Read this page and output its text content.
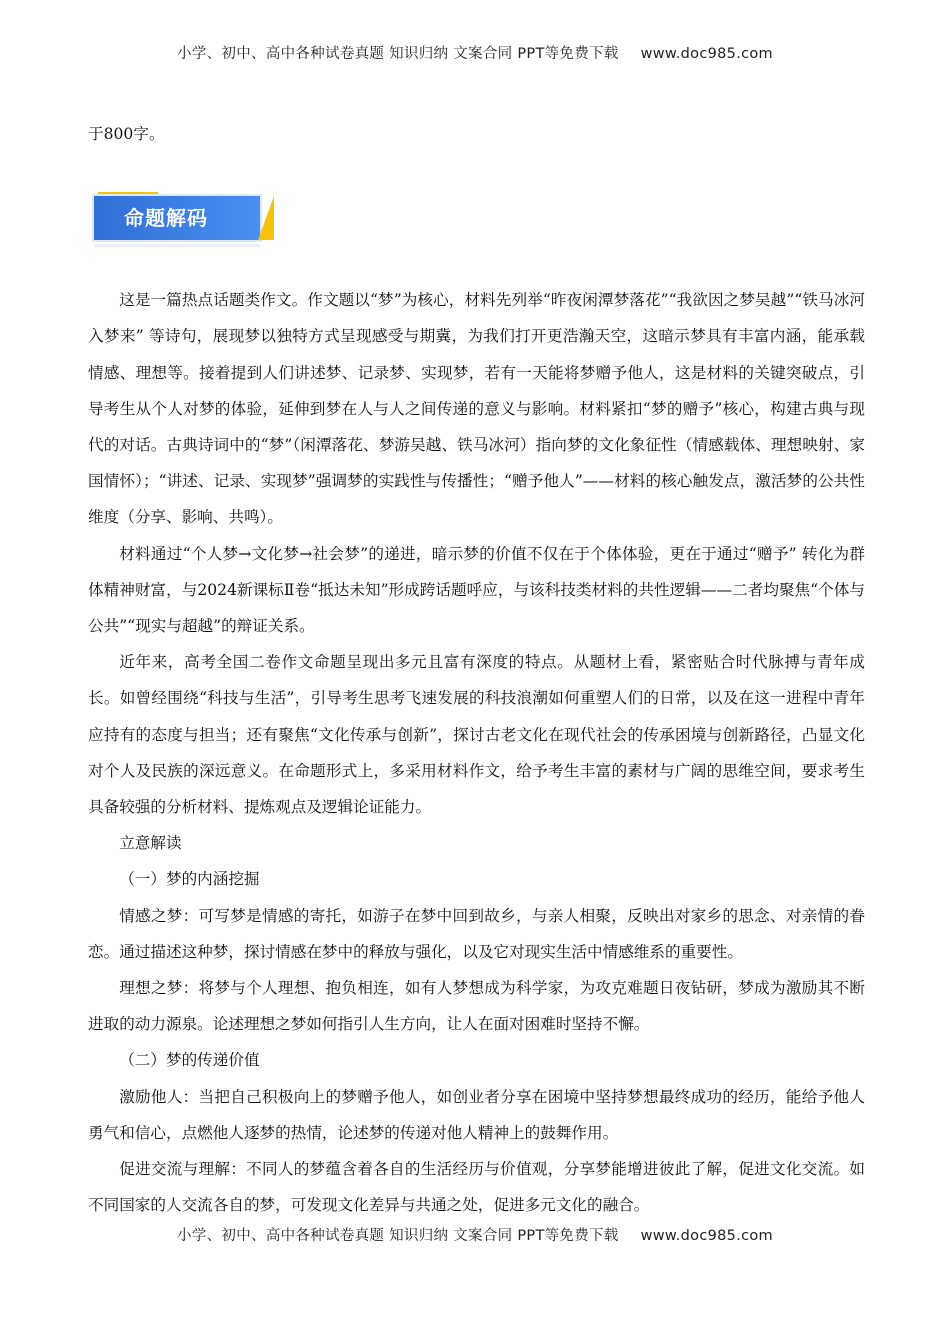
小学、初中、高中各种试卷真题 知识归纳 文案合同 PPT等免费下载 www.doc985.com

于800字。

命题解码

这是一篇热点话题类作文。作文题以“梦”为核心，材料先列举“昨夜闲潭梦落花”“我欲因之梦吴越”“铁马冰河入梦来” 等诗句，展现梦以独特方式呈现感受与期冀，为我们打开更浩瀚天空，这暗示梦具有丰富内涵，能承载情感、理想等。接着提到人们讲述梦、记录梦、实现梦，若有一天能将梦赠予他人，这是材料的关键突破点，引导考生从个人对梦的体验，延伸到梦在人与人之间传递的意义与影响。材料紧扣“梦的赠予”核心，构建古典与现代的对话。古典诗词中的“梦”（闲潭落花、梦游吴越、铁马冰河）指向梦的文化象征性（情感载体、理想映射、家国情怀）；“讲述、记录、实现梦”强调梦的实践性与传播性；“赠予他人”——材料的核心触发点，激活梦的公共性维度（分享、影响、共鸣）。

材料通过“个人梦→文化梦→社会梦”的递进，暗示梦的价值不仅在于个体体验，更在于通过“赠予” 转化为群体精神财富，与2024新课标Ⅱ卷“抵达未知”形成跨话题呼应，与该科技类材料的共性逻辑——二者均聚焦“个体与公共”“现实与超越”的辩证关系。

近年来，高考全国二卷作文命题呈现出多元且富有深度的特点。从题材上看，紧密贴合时代脉搏与青年成长。如曾经围绕“科技与生活”，引导考生思考飞速发展的科技浪潮如何重塑人们的日常，以及在这一进程中青年应持有的态度与担当；还有聚焦“文化传承与创新”，探讨古老文化在现代社会的传承困境与创新路径，凸显文化对个人及民族的深远意义。在命题形式上，多采用材料作文，给予考生丰富的素材与广阔的思维空间，要求考生具备较强的分析材料、提炼观点及逻辑论证能力。

立意解读

（一）梦的内涵挖掘

情感之梦：可写梦是情感的寄托，如游子在梦中回到故乡，与亲人相聚，反映出对家乡的思念、对亲情的眷恋。通过描述这种梦，探讨情感在梦中的释放与强化，以及它对现实生活中情感维系的重要性。

理想之梦：将梦与个人理想、抱负相连，如有人梦想成为科学家，为攻克难题日夜钻研，梦成为激励其不断进取的动力源泉。论述理想之梦如何指引人生方向，让人在面对困难时坚持不懈。

（二）梦的传递价值

激励他人：当把自己积极向上的梦赠予他人，如创业者分享在困境中坚持梦想最终成功的经历，能给予他人勇气和信心，点燃他人逐梦的热情，论述梦的传递对他人精神上的鼓舞作用。

促进交流与理解：不同人的梦蕴含着各自的生活经历与价值观，分享梦能增进彼此了解，促进文化交流。如不同国家的人交流各自的梦，可发现文化差异与共通之处，促进多元文化的融合。

小学、初中、高中各种试卷真题 知识归纳 文案合同 PPT等免费下载 www.doc985.com
